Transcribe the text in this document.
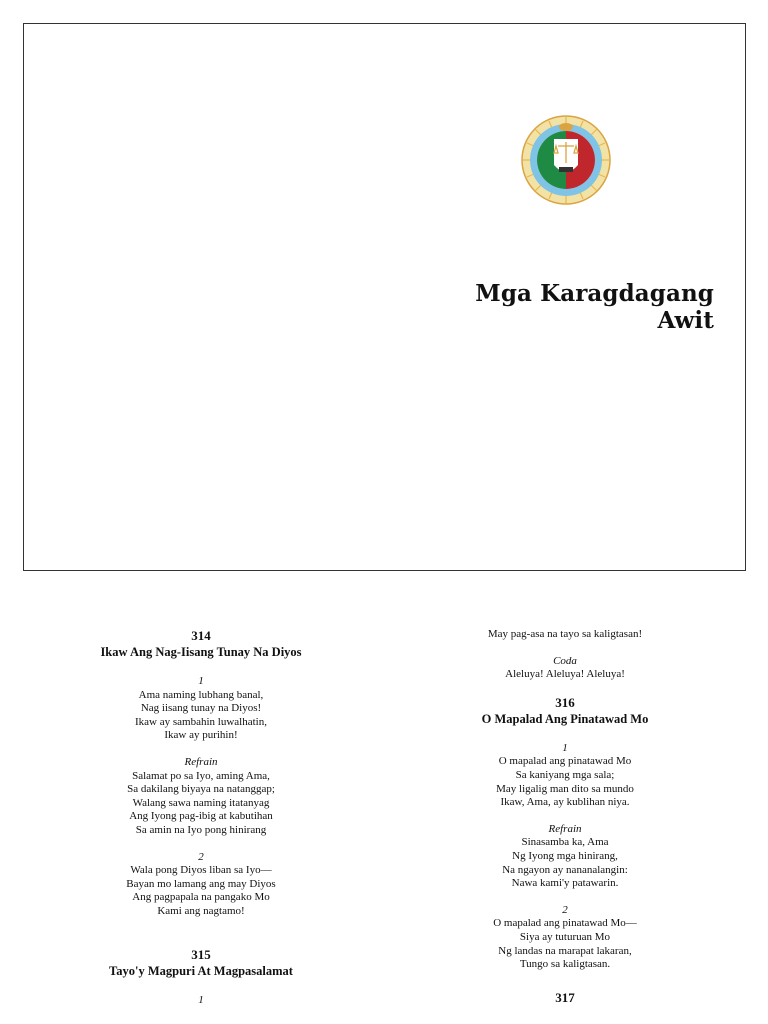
Mga Karagdagang Awit
314
Ikaw Ang Nag-Iisang Tunay Na Diyos
1
Ama naming lubhang banal,
Nag iisang tunay na Diyos!
Ikaw ay sambahin luwalhatin,
Ikaw ay purihin!
Refrain
Salamat po sa Iyo, aming Ama,
Sa dakilang biyaya na natanggap;
Walang sawa naming itatanyag
Ang Iyong pag-ibig at kabutihan
Sa amin na Iyo pong hinirang
2
Wala pong Diyos liban sa Iyo—
Bayan mo lamang ang may Diyos
Ang pagpapala na pangako Mo
Kami ang nagtamo!
315
Tayo'y Magpuri At Magpasalamat
1
May pag-asa na tayo sa kaligtasan!
Coda
Aleluya! Aleluya! Aleluya!
316
O Mapalad Ang Pinatawad Mo
1
O mapalad ang pinatawad Mo
Sa kaniyang mga sala;
May ligalig man dito sa mundo
Ikaw, Ama, ay kublihan niya.
Refrain
Sinasamba ka, Ama
Ng Iyong mga hinirang,
Na ngayon ay nananalangin:
Nawa kami'y patawarin.
2
O mapalad ang pinatawad Mo—
Siya ay tuturuan Mo
Ng landas na marapat lakaran,
Tungo sa kaligtasan.
317
